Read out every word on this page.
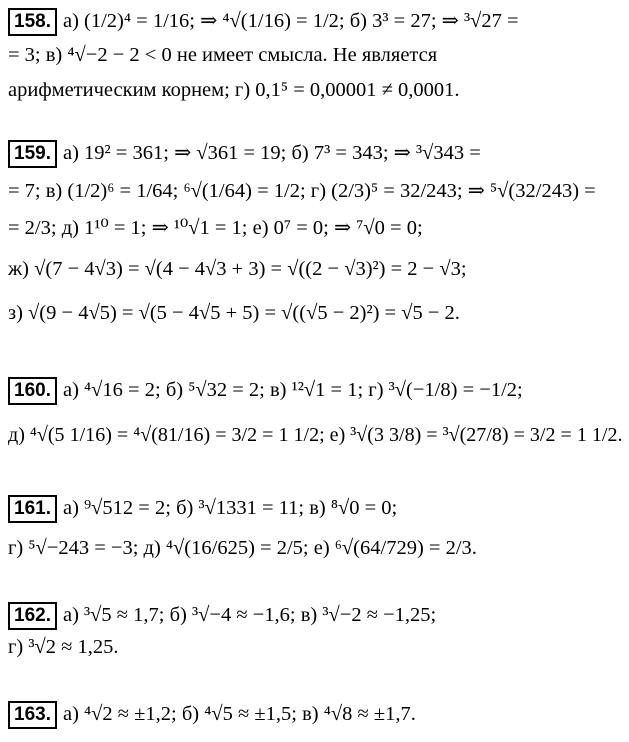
158. а) (1/2)⁴ = 1/16; ⇒ ⁴√(1/16) = 1/2; б) 3³ = 27; ⇒ ³√27 =
= 3; в) ⁴√−2 − 2 < 0 не имеет смысла. Не является
арифметическим корнем; г) 0,1⁵ = 0,00001 ≠ 0,0001.
159. а) 19² = 361; ⇒ √361 = 19; б) 7³ = 343; ⇒ ³√343 =
= 7; в) (1/2)⁶ = 1/64; ⁶√(1/64) = 1/2; г) (2/3)⁵ = 32/243; ⇒ ⁵√(32/243) =
= 2/3; д) 1¹⁰ = 1; ⇒ ¹⁰√1 = 1; е) 0⁷ = 0; ⇒ ⁷√0 = 0;
ж) √(7 − 4√3) = √(4 − 4√3 + 3) = √((2 − √3)²) = 2 − √3;
з) √(9 − 4√5) = √(5 − 4√5 + 5) = √((√5 − 2)²) = √5 − 2.
160. а) ⁴√16 = 2; б) ⁵√32 = 2; в) ¹²√1 = 1; г) ³√(−1/8) = −1/2;
д) ⁴√(5 1/16) = ⁴√(81/16) = 3/2 = 1 1/2; е) ³√(3 3/8) = ³√(27/8) = 3/2 = 1 1/2.
161. а) ⁹√512 = 2; б) ³√1331 = 11; в) ⁸√0 = 0;
г) ⁵√−243 = −3; д) ⁴√(16/625) = 2/5; е) ⁶√(64/729) = 2/3.
162. а) ³√5 ≈ 1,7; б) ³√−4 ≈ −1,6; в) ³√−2 ≈ −1,25;
г) ³√2 ≈ 1,25.
163. а) ⁴√2 ≈ ±1,2; б) ⁴√5 ≈ ±1,5; в) ⁴√8 ≈ ±1,7.
